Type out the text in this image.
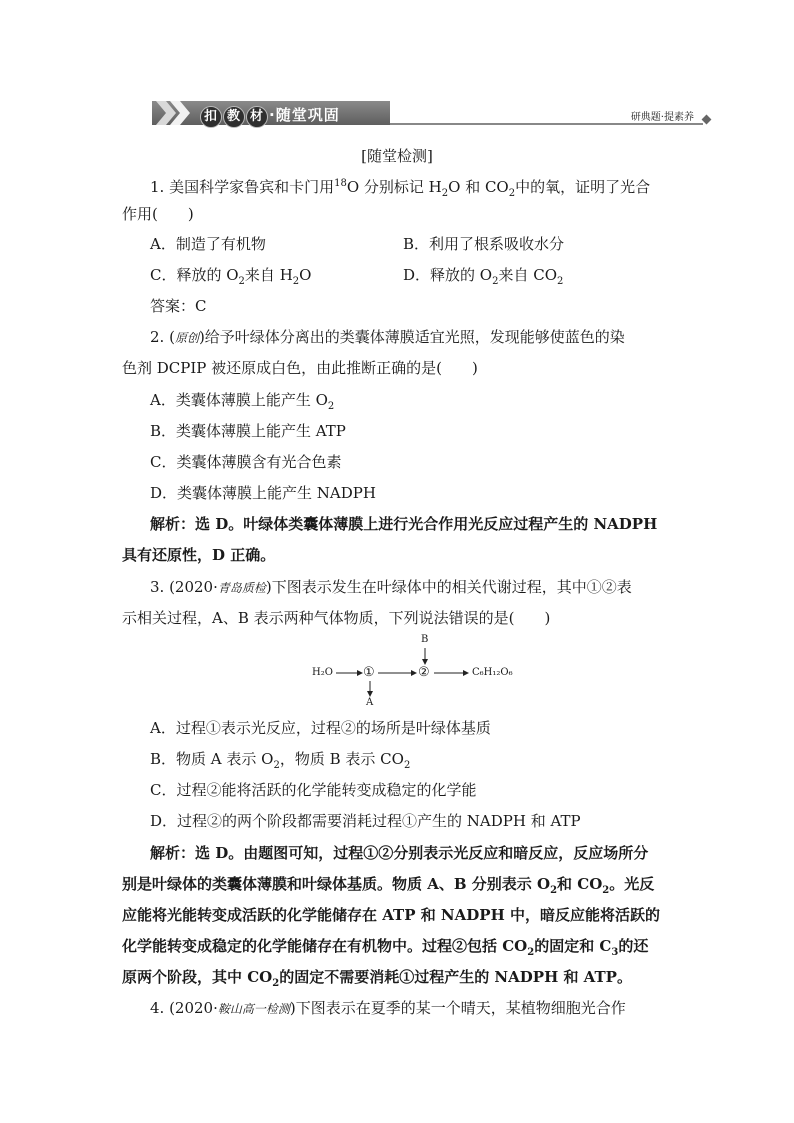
扣 教 材 ·随堂巩固	研典题·提素养
[随堂检测]
1. 美国科学家鲁宾和卡门用$^{18}$O 分别标记 $H_2O$ 和 $CO_2$中的氧，证明了光合
作用(　　)
A．制造了有机物	B．利用了根系吸收水分
C．释放的 $O_2$来自 $H_2O$	D．释放的 $O_2$来自 $CO_2$
答案：C
2. (原创)给予叶绿体分离出的类囊体薄膜适宜光照，发现能够使蓝色的染
色剂 DCPIP 被还原成白色，由此推断正确的是(　　)
A．类囊体薄膜上能产生 $O_2$
B．类囊体薄膜上能产生 ATP
C．类囊体薄膜含有光合色素
D．类囊体薄膜上能产生 NADPH
解析：选 D。叶绿体类囊体薄膜上进行光合作用光反应过程产生的 NADPH
具有还原性，D 正确。
3. (2020·青岛质检)下图表示发生在叶绿体中的相关代谢过程，其中①②表
示相关过程，A、B 表示两种气体物质，下列说法错误的是(　　)
H₂O ①	②	C₆H₁₂O₆
A
B
A．过程①表示光反应，过程②的场所是叶绿体基质
B．物质 A 表示 $O_2$，物质 B 表示 $CO_2$
C．过程②能将活跃的化学能转变成稳定的化学能
D．过程②的两个阶段都需要消耗过程①产生的 NADPH 和 ATP
解析：选 D。由题图可知，过程①②分别表示光反应和暗反应，反应场所分
别是叶绿体的类囊体薄膜和叶绿体基质。物质 A、B 分别表示 $O_2$和 $CO_2$。光反
应能将光能转变成活跃的化学能储存在 ATP 和 NADPH 中，暗反应能将活跃的
化学能转变成稳定的化学能储存在有机物中。过程②包括 $CO_2$的固定和 $C_3$的还
原两个阶段，其中 $CO_2$的固定不需要消耗①过程产生的 NADPH 和 ATP。
4. (2020·鞍山高一检测)下图表示在夏季的某一个晴天，某植物细胞光合作
